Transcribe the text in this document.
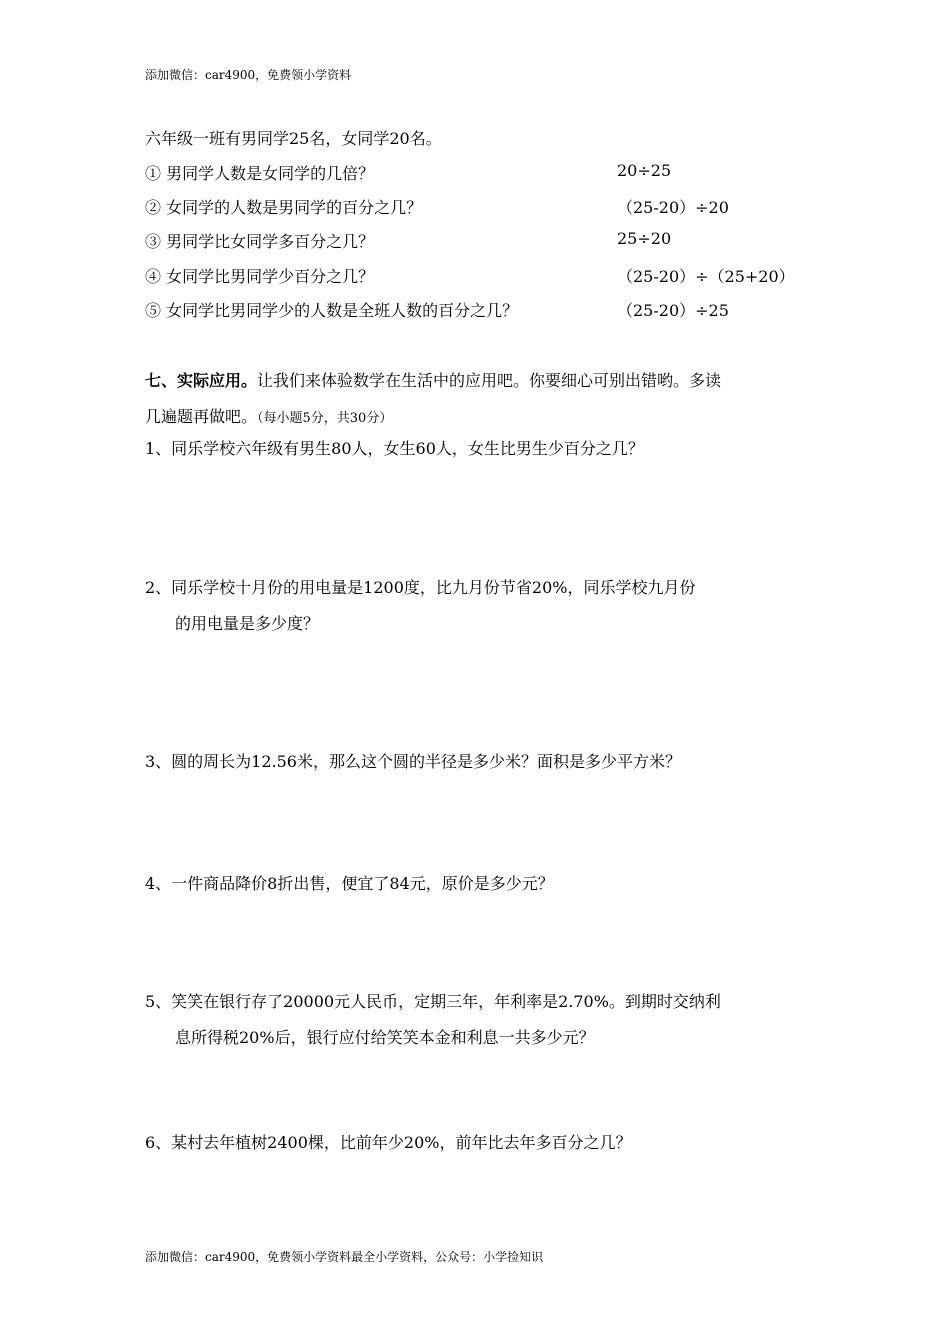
添加微信：car4900，免费领小学资料
六年级一班有男同学25名，女同学20名。
① 男同学人数是女同学的几倍？	20÷25
② 女同学的人数是男同学的百分之几？	（25-20）÷20
③ 男同学比女同学多百分之几？	25÷20
④ 女同学比男同学少百分之几？	（25-20）÷（25+20）
⑤ 女同学比男同学少的人数是全班人数的百分之几？	（25-20）÷25
七、实际应用。让我们来体验数学在生活中的应用吧。你要细心可别出错哟。多读
几遍题再做吧。（每小题5分，共30分）
1、同乐学校六年级有男生80人，女生60人，女生比男生少百分之几？
2、同乐学校十月份的用电量是1200度，比九月份节省20%，同乐学校九月份
的用电量是多少度？
3、圆的周长为12.56米，那么这个圆的半径是多少米？面积是多少平方米？
4、一件商品降价8折出售，便宜了84元，原价是多少元？
5、笑笑在银行存了20000元人民币，定期三年，年利率是2.70%。到期时交纳利
息所得税20%后，银行应付给笑笑本金和利息一共多少元？
6、某村去年植树2400棵，比前年少20%，前年比去年多百分之几？
添加微信：car4900，免费领小学资料最全小学资料，公众号：小学捡知识
